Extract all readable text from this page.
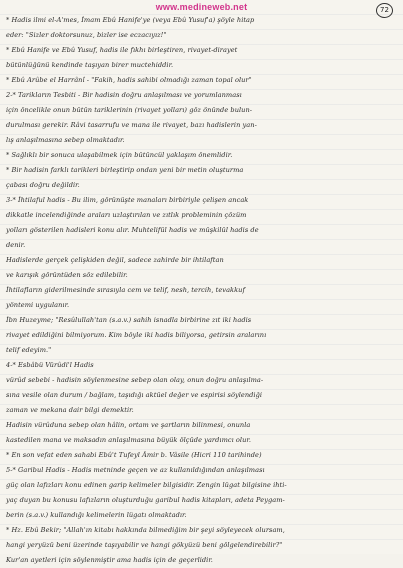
www.medineweb.net	72
* Hadis ilmi el-A'mes, İmam Ebû Hanife'ye (veya Ebû Yusuf'a) şöyle hitap
eder: "Sizler doktorsunuz, bizler ise eczacıyız!"
* Ebû Hanife ve Ebû Yusuf, hadis ile fıkhı birleştiren, rivayet-dirayet
bütünlüğünü kendinde taşıyan birer muctehiddir.
* Ebû Arûbe el Harrânî - "Fakih, hadis sahibi olmadığı zaman topal olur"
2-* Tarikların Tesbiti - Bir hadisin doğru anlaşılması ve yorumlanması
için öncelikle onun bütün tariklerinin (rivayet yolları) göz önünde bulun-
durulması gerekir. Râvi tasarrufu ve mana ile rivayet, bazı hadislerin yan-
lış anlaşılmasına sebep olmaktadır.
* Sağlıklı bir sonuca ulaşabilmek için bütüncül yaklaşım önemlidir.
* Bir hadisin farklı tarikleri birleştirip ondan yeni bir metin oluşturma
çabası doğru değildir.
3-* İhtilaful hadis - Bu ilim, görünüşte manaları birbiriyle çelişen ancak
dikkatle incelendiğinde araları uzlaştırılan ve zıtlık probleminin çözüm
yolları gösterilen hadisleri konu alır. Muhtelifül hadis ve müşkilül hadis de
denir.
Hadislerde gerçek çelişkiden değil, sadece zahirde bir ihtilaftan
ve karışık görüntüden söz edilebilir.
İhtilafların giderilmesinde sırasıyla cem ve telif, nesh, tercih, tevakkuf
yöntemi uygulanır.
İbn Huzeyme; "Resûlullah'tan (s.a.v.) sahih isnadla birbirine zıt iki hadis
rivayet edildiğini bilmiyorum. Kim böyle iki hadis biliyorsa, getirsin aralarını
telif edeyim."
4-* Esbâbü Vürûdi'l Hadis
vürûd sebebi - hadisin söylenmesine sebep olan olay, onun doğru anlaşılma-
sına vesile olan durum / bağlam, taşıdığı aktüel değer ve espirisi söylendiği
zaman ve mekana dair bilgi demektir.
Hadisin vürûduna sebep olan hâlin, ortam ve şartların bilinmesi, onunla
kastedilen mana ve maksadın anlaşılmasına büyük ölçüde yardımcı olur.
* En son vefat eden sahabi Ebû't Tufeyl Âmir b. Vâsile (Hicri 110 tarihinde)
5-* Garibul Hadis - Hadis metninde geçen ve az kullanıldığından anlaşılması
güç olan lafızları konu edinen garip kelimeler bilgisidir. Zengin lügat bilgisine ihti-
yaç duyan bu konusu lafızların oluşturduğu garibul hadis kitapları, adeta Peygam-
berin (s.a.v.) kullandığı kelimelerin lügatı olmaktadır.
* Hz. Ebû Bekir; "Allah'ın kitabı hakkında bilmediğim bir şeyi söyleyecek olursam,
hangi yeryüzü beni üzerinde taşıyabilir ve hangi gökyüzü beni gölgelendirebilir?"
Kur'an ayetleri için söylenmiştir ama hadis için de geçerlidir.
